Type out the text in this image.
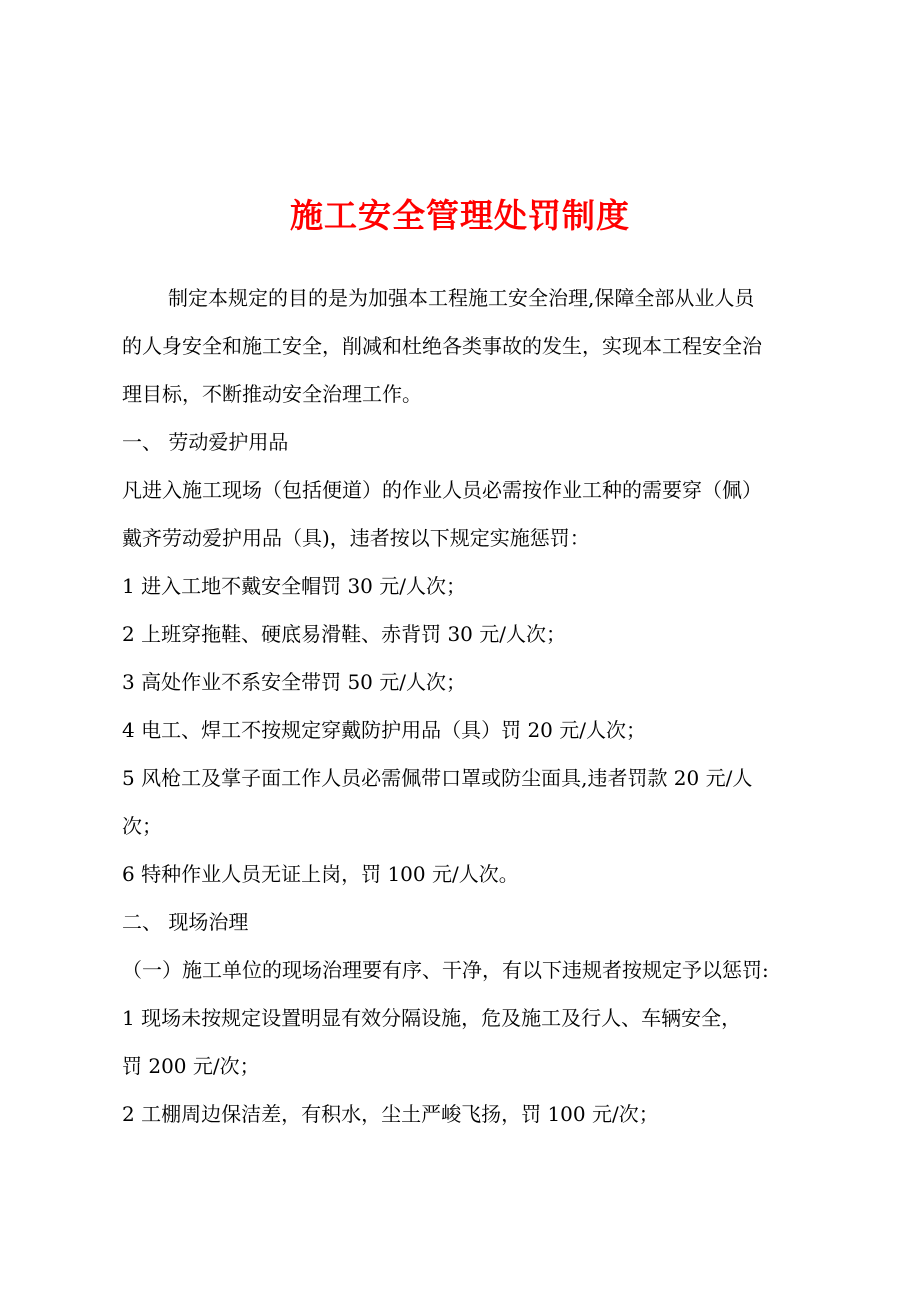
施工安全管理处罚制度
制定本规定的目的是为加强本工程施工安全治理,保障全部从业人员
的人身安全和施工安全，削减和杜绝各类事故的发生，实现本工程安全治
理目标，不断推动安全治理工作。
一、 劳动爱护用品
凡进入施工现场（包括便道）的作业人员必需按作业工种的需要穿（佩）
戴齐劳动爱护用品（具)，违者按以下规定实施惩罚：
1 进入工地不戴安全帽罚 30 元/人次；
2 上班穿拖鞋、硬底易滑鞋、赤背罚 30 元/人次；
3 高处作业不系安全带罚 50 元/人次；
4 电工、焊工不按规定穿戴防护用品（具）罚 20 元/人次；
5 风枪工及掌子面工作人员必需佩带口罩或防尘面具,违者罚款 20 元/人
次；
6 特种作业人员无证上岗，罚 100 元/人次。
二、 现场治理
（一）施工单位的现场治理要有序、干净，有以下违规者按规定予以惩罚:
1 现场未按规定设置明显有效分隔设施，危及施工及行人、车辆安全，
罚 200 元/次；
2 工棚周边保洁差，有积水，尘土严峻飞扬，罚 100 元/次；
